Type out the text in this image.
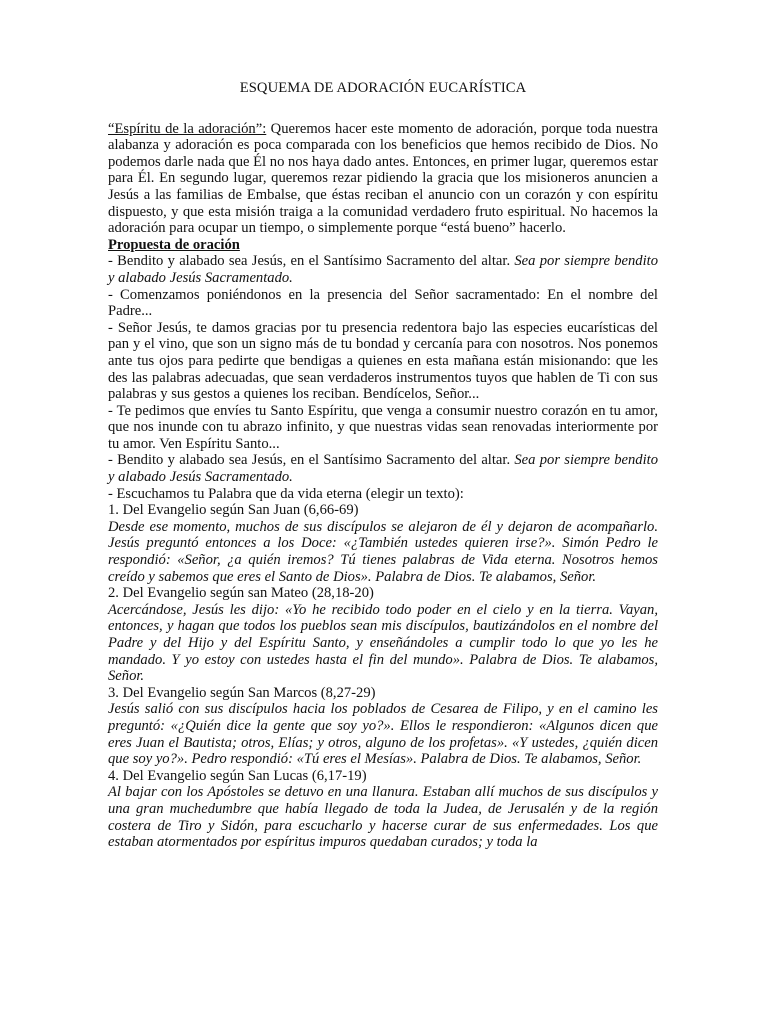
ESQUEMA DE ADORACIÓN EUCARÍSTICA

“Espíritu de la adoración”: Queremos hacer este momento de adoración, porque toda nuestra alabanza y adoración es poca comparada con los beneficios que hemos recibido de Dios. No podemos darle nada que Él no nos haya dado antes. Entonces, en primer lugar, queremos estar para Él. En segundo lugar, queremos rezar pidiendo la gracia que los misioneros anuncien a Jesús a las familias de Embalse, que éstas reciban el anuncio con un corazón y con espíritu dispuesto, y que esta misión traiga a la comunidad verdadero fruto espiritual. No hacemos la adoración para ocupar un tiempo, o simplemente porque “está bueno” hacerlo.

Propuesta de oración

- Bendito y alabado sea Jesús, en el Santísimo Sacramento del altar. Sea por siempre bendito y alabado Jesús Sacramentado.

- Comenzamos poniéndonos en la presencia del Señor sacramentado: En el nombre del Padre...

- Señor Jesús, te damos gracias por tu presencia redentora bajo las especies eucarísticas del pan y el vino, que son un signo más de tu bondad y cercanía para con nosotros. Nos ponemos ante tus ojos para pedirte que bendigas a quienes en esta mañana están misionando: que les des las palabras adecuadas, que sean verdaderos instrumentos tuyos que hablen de Ti con sus palabras y sus gestos a quienes los reciban. Bendícelos, Señor...

- Te pedimos que envíes tu Santo Espíritu, que venga a consumir nuestro corazón en tu amor, que nos inunde con tu abrazo infinito, y que nuestras vidas sean renovadas interiormente por tu amor. Ven Espíritu Santo...

- Bendito y alabado sea Jesús, en el Santísimo Sacramento del altar. Sea por siempre bendito y alabado Jesús Sacramentado.

- Escuchamos tu Palabra que da vida eterna (elegir un texto):

1. Del Evangelio según San Juan (6,66-69)

Desde ese momento, muchos de sus discípulos se alejaron de él y dejaron de acompañarlo. Jesús preguntó entonces a los Doce: «¿También ustedes quieren irse?». Simón Pedro le respondió: «Señor, ¿a quién iremos? Tú tienes palabras de Vida eterna. Nosotros hemos creído y sabemos que eres el Santo de Dios». Palabra de Dios. Te alabamos, Señor.

2. Del Evangelio según san Mateo (28,18-20)

Acercándose, Jesús les dijo: «Yo he recibido todo poder en el cielo y en la tierra. Vayan, entonces, y hagan que todos los pueblos sean mis discípulos, bautizándolos en el nombre del Padre y del Hijo y del Espíritu Santo, y enseñándoles a cumplir todo lo que yo les he mandado. Y yo estoy con ustedes hasta el fin del mundo». Palabra de Dios. Te alabamos, Señor.

3. Del Evangelio según San Marcos (8,27-29)

Jesús salió con sus discípulos hacia los poblados de Cesarea de Filipo, y en el camino les preguntó: «¿Quién dice la gente que soy yo?». Ellos le respondieron: «Algunos dicen que eres Juan el Bautista; otros, Elías; y otros, alguno de los profetas». «Y ustedes, ¿quién dicen que soy yo?». Pedro respondió: «Tú eres el Mesías». Palabra de Dios. Te alabamos, Señor.

4. Del Evangelio según San Lucas (6,17-19)

Al bajar con los Apóstoles se detuvo en una llanura. Estaban allí muchos de sus discípulos y una gran muchedumbre que había llegado de toda la Judea, de Jerusalén y de la región costera de Tiro y Sidón, para escucharlo y hacerse curar de sus enfermedades. Los que estaban atormentados por espíritus impuros quedaban curados; y toda la
